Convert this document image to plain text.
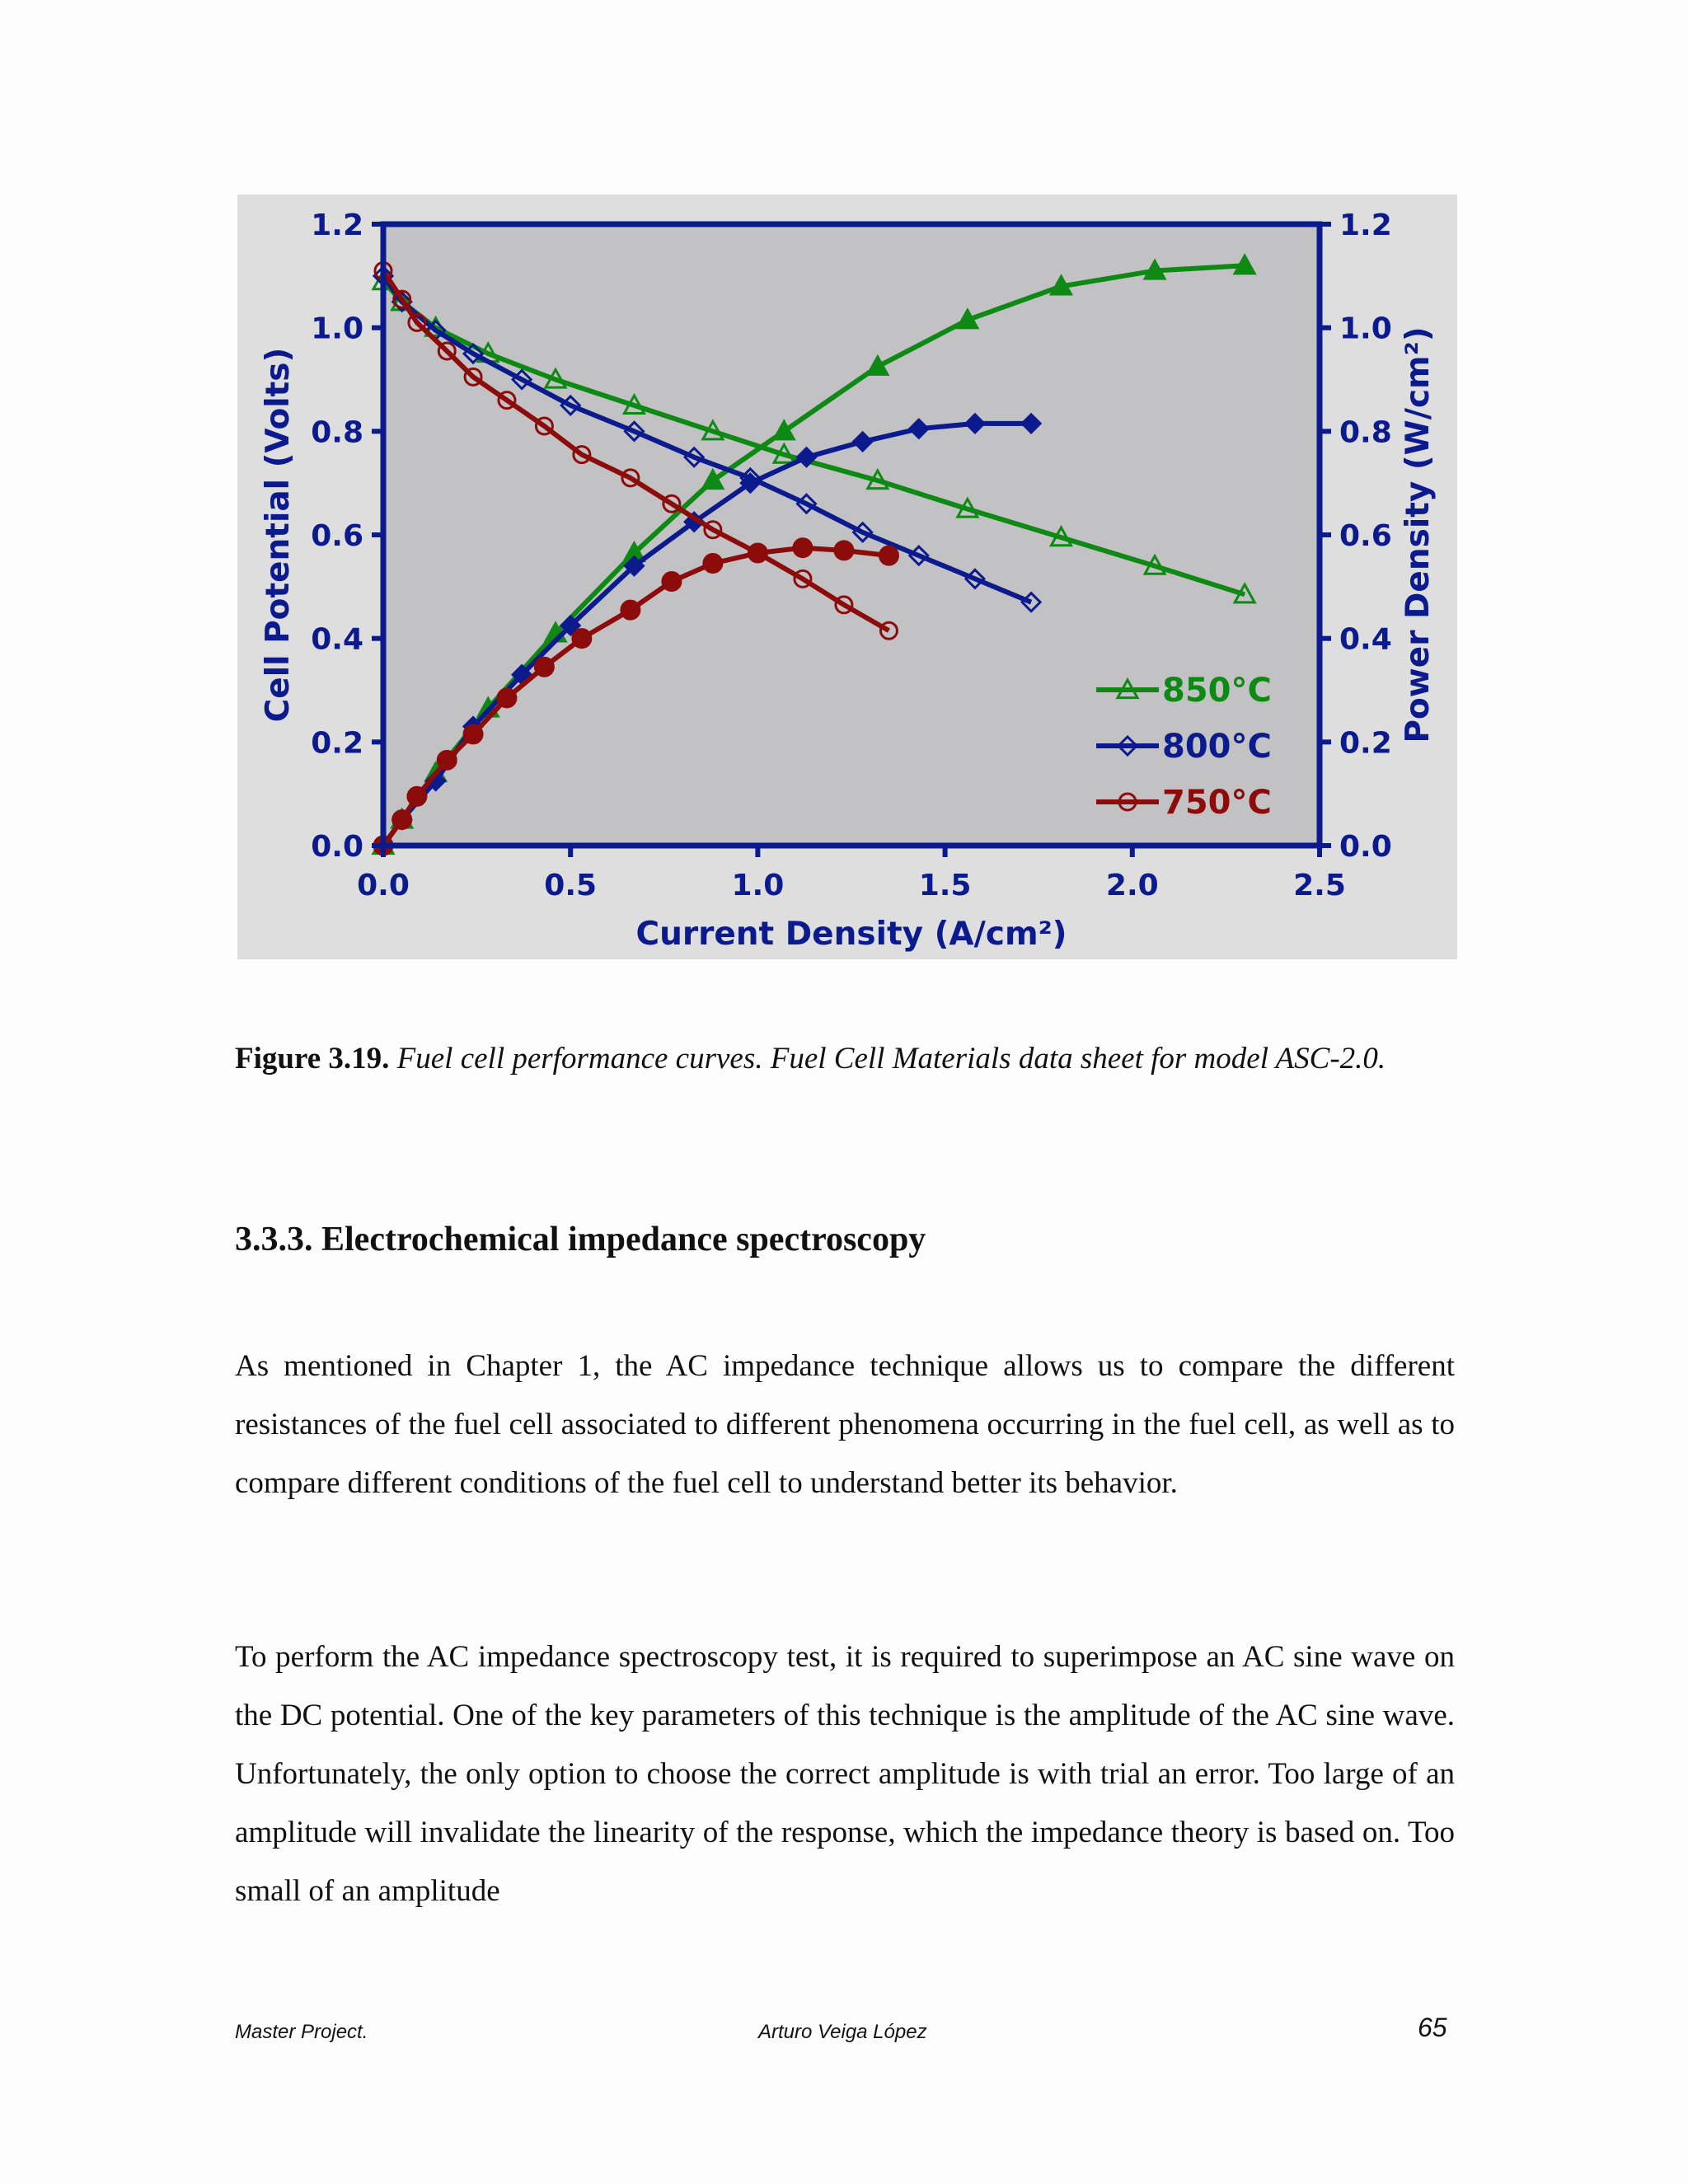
0.0	0.5	1.0	1.5	2.0	2.5
0.0
0.2
0.4
0.6
0.8
1.0
1.2
0.0
0.2
0.4
0.6
0.8
1.0
1.2
Current Density (A/cm²)
Cell Potential (Volts)	Power Density (W/cm²)
850°C
800°C
750°C
Figure 3.19. Fuel cell performance curves. Fuel Cell Materials data sheet for model ASC-2.0.
3.3.3. Electrochemical impedance spectroscopy
As mentioned in Chapter 1, the AC impedance technique allows us to compare the different resistances of the fuel cell associated to different phenomena occurring in the fuel cell, as well as to compare different conditions of the fuel cell to understand better its behavior.
To perform the AC impedance spectroscopy test, it is required to superimpose an AC sine wave on the DC potential. One of the key parameters of this technique is the amplitude of the AC sine wave. Unfortunately, the only option to choose the correct amplitude is with trial an error. Too large of an amplitude will invalidate the linearity of the response, which the impedance theory is based on. Too small of an amplitude
Master Project.	Arturo Veiga López	65
